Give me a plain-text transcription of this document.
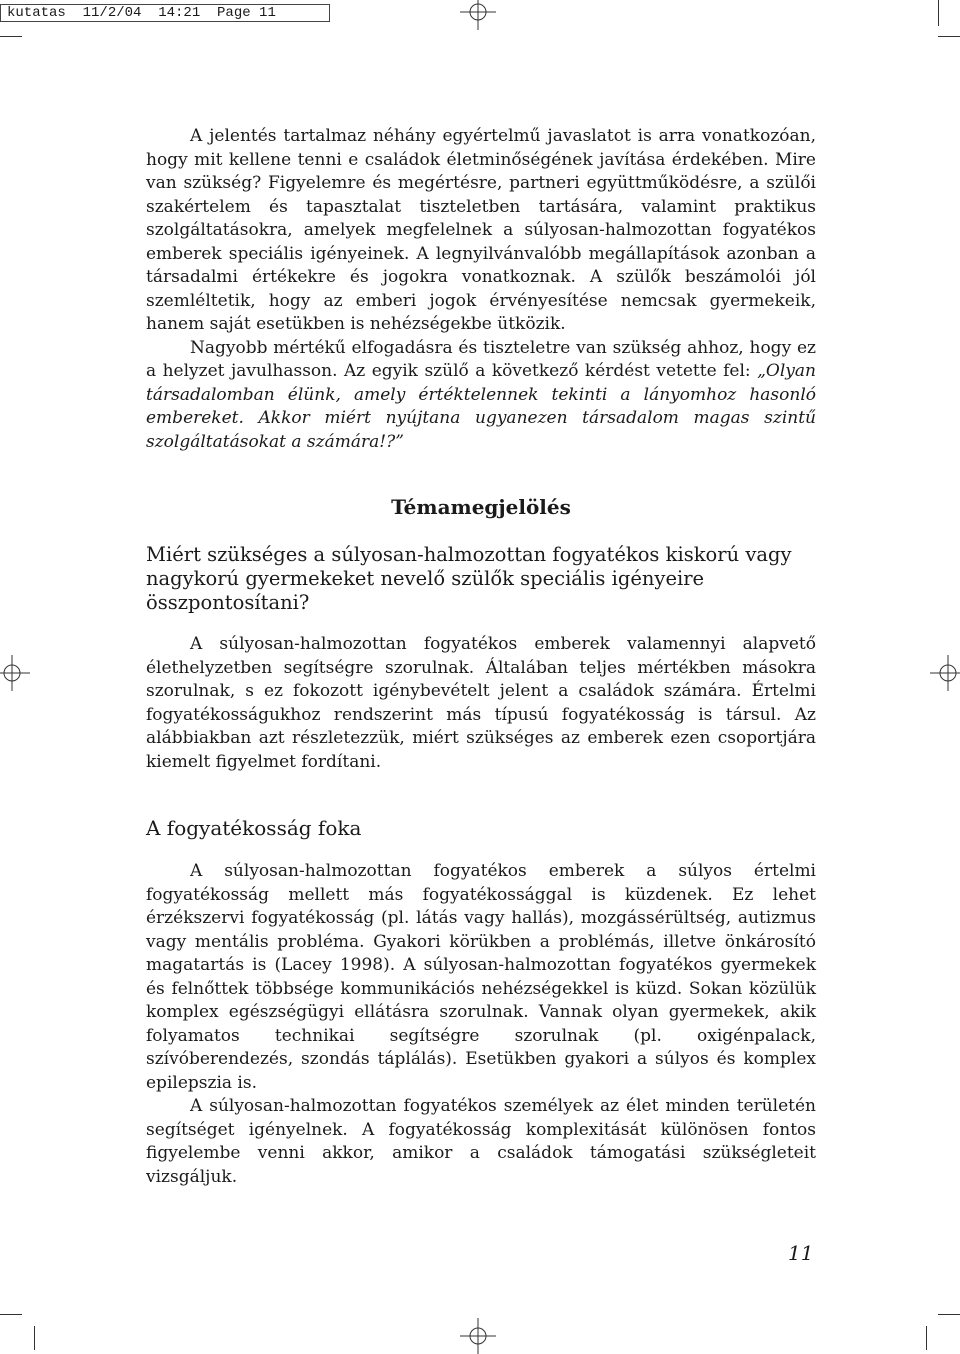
kutatas  11/2/04  14:21  Page 11

A jelentés tartalmaz néhány egyértelmű javaslatot is arra vonatkozóan, hogy mit kellene tenni e családok életminőségének javítása érdekében. Mire van szükség? Figyelemre és megértésre, partneri együttműködésre, a szülői szakértelem és tapasztalat tiszteletben tartására, valamint praktikus szolgáltatásokra, amelyek megfelelnek a súlyosan-halmozottan fogyatékos emberek speciális igényeinek. A legnyilvánvalóbb megállapítások azonban a társadalmi értékekre és jogokra vonatkoznak. A szülők beszámolói jól szemléltetik, hogy az emberi jogok érvényesítése nemcsak gyermekeik, hanem saját esetükben is nehézségekbe ütközik.

Nagyobb mértékű elfogadásra és tiszteletre van szükség ahhoz, hogy ez a helyzet javulhasson. Az egyik szülő a következő kérdést vetette fel: „Olyan társadalomban élünk, amely értéktelennek tekinti a lányomhoz hasonló embereket. Akkor miért nyújtana ugyanezen társadalom magas szintű szolgáltatásokat a számára!?”

Témamegjelölés
Miért szükséges a súlyosan-halmozottan fogyatékos kiskorú vagy nagykorú gyermekeket nevelő szülők speciális igényeire összpontosítani?

A súlyosan-halmozottan fogyatékos emberek valamennyi alapvető élethelyzetben segítségre szorulnak. Általában teljes mértékben másokra szorulnak, s ez fokozott igénybevételt jelent a családok számára. Értelmi fogyatékosságukhoz rendszerint más típusú fogyatékosság is társul. Az alábbiakban azt részletezzük, miért szükséges az emberek ezen csoportjára kiemelt figyelmet fordítani.

A fogyatékosság foka

A súlyosan-halmozottan fogyatékos emberek a súlyos értelmi fogyatékosság mellett más fogyatékossággal is küzdenek. Ez lehet érzékszervi fogyatékosság (pl. látás vagy hallás), mozgássérültség, autizmus vagy mentális probléma. Gyakori körükben a problémás, illetve önkárosító magatartás is (Lacey 1998). A súlyosan-halmozottan fogyatékos gyermekek és felnőttek többsége kommunikációs nehézségekkel is küzd. Sokan közülük komplex egészségügyi ellátásra szorulnak. Vannak olyan gyermekek, akik folyamatos technikai segítségre szorulnak (pl. oxigénpalack, szívóberendezés, szondás táplálás). Esetükben gyakori a súlyos és komplex epilepszia is.

A súlyosan-halmozottan fogyatékos személyek az élet minden területén segítséget igényelnek. A fogyatékosság komplexitását különösen fontos figyelembe venni akkor, amikor a családok támogatási szükségleteit vizsgáljuk.

11
